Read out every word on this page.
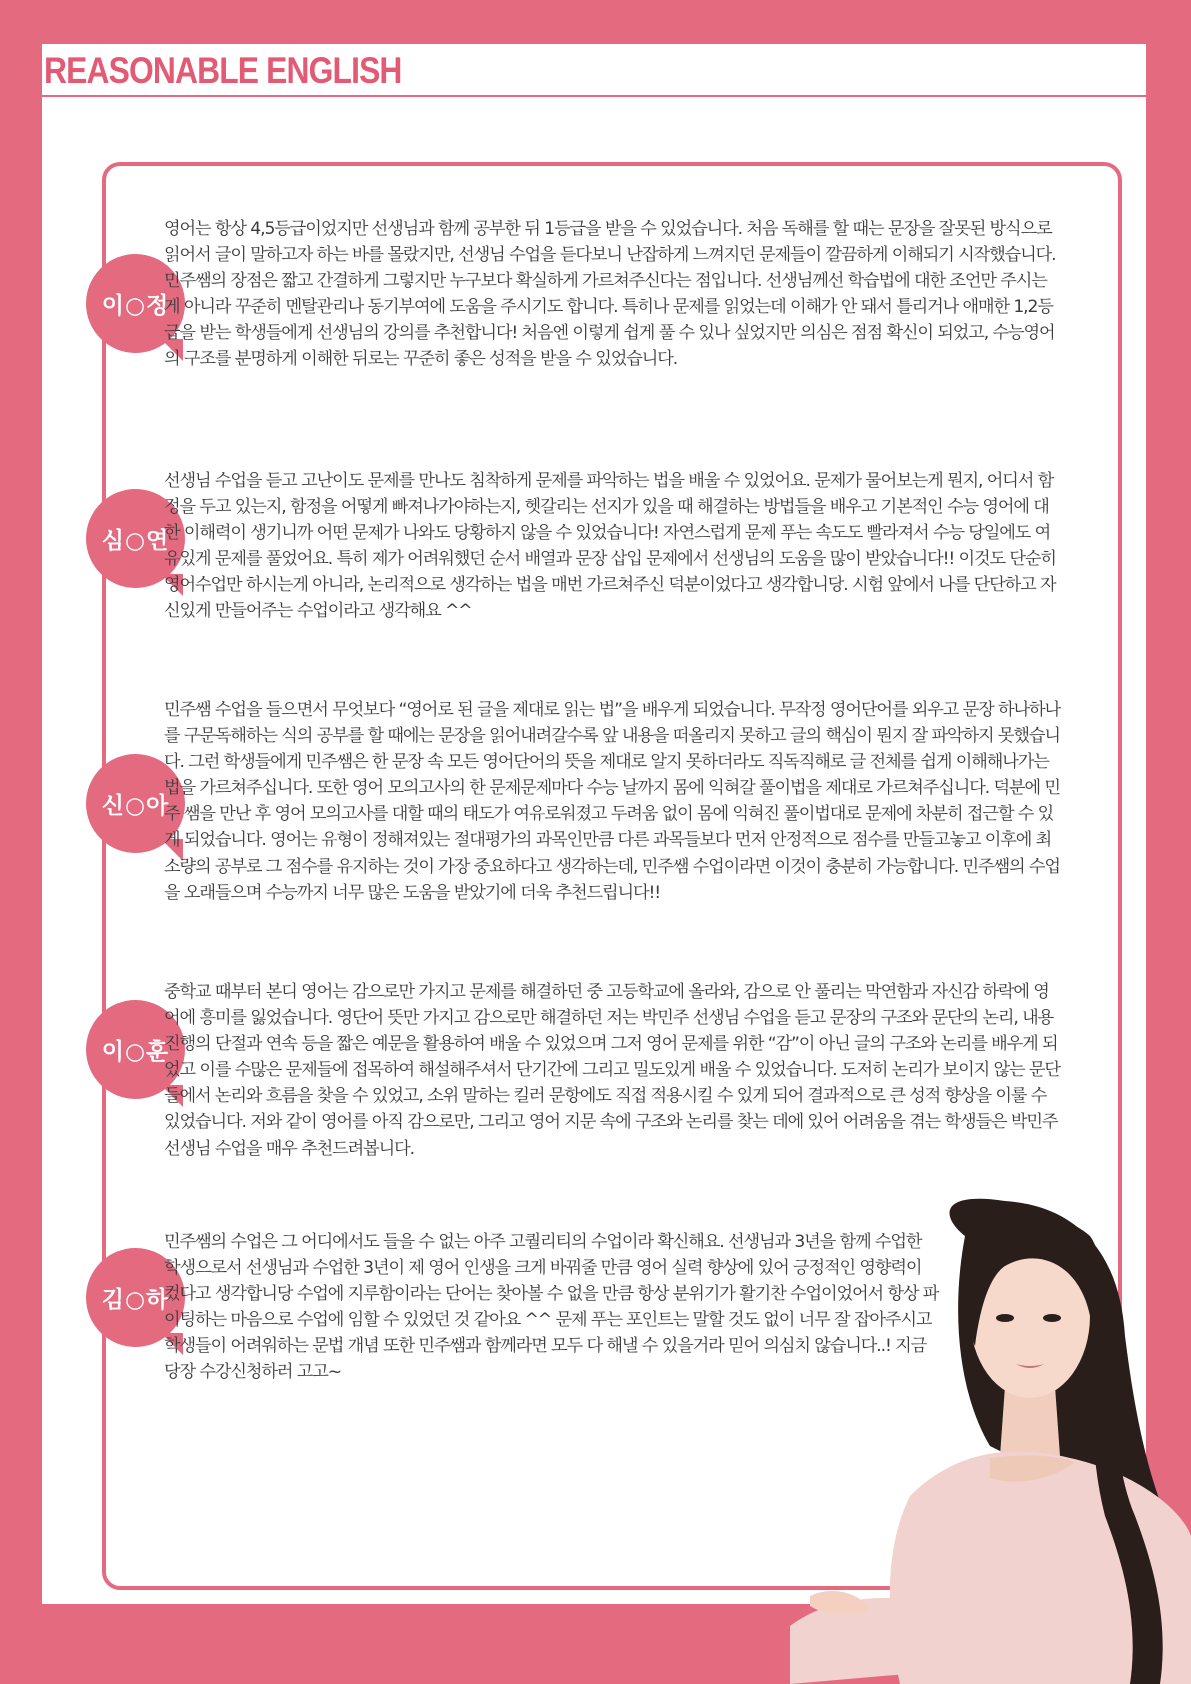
REASONABLE ENGLISH
이○정

영어는 항상 4,5등급이었지만 선생님과 함께 공부한 뒤 1등급을 받을 수 있었습니다. 처음 독해를 할 때는 문장을 잘못된 방식으로 읽어서 글이 말하고자 하는 바를 몰랐지만, 선생님 수업을 듣다보니 난잡하게 느껴지던 문제들이 깔끔하게 이해되기 시작했습니다.
민주쌤의 장점은 짧고 간결하게 그렇지만 누구보다 확실하게 가르쳐주신다는 점입니다. 선생님께선 학습법에 대한 조언만 주시는게 아니라 꾸준히 멘탈관리나 동기부여에 도움을 주시기도 합니다. 특히나 문제를 읽었는데 이해가 안 돼서 틀리거나 애매한 1,2등급을 받는 학생들에게 선생님의 강의를 추천합니다! 처음엔 이렇게 쉽게 풀 수 있나 싶었지만 의심은 점점 확신이 되었고, 수능영어의 구조를 분명하게 이해한 뒤로는 꾸준히 좋은 성적을 받을 수 있었습니다.

심○연

선생님 수업을 듣고 고난이도 문제를 만나도 침착하게 문제를 파악하는 법을 배울 수 있었어요. 문제가 물어보는게 뭔지, 어디서 함정을 두고 있는지, 함정을 어떻게 빠져나가야하는지, 헷갈리는 선지가 있을 때 해결하는 방법들을 배우고 기본적인 수능 영어에 대한 이해력이 생기니까 어떤 문제가 나와도 당황하지 않을 수 있었습니다! 자연스럽게 문제 푸는 속도도 빨라져서 수능 당일에도 여유있게 문제를 풀었어요. 특히 제가 어려워했던 순서 배열과 문장 삽입 문제에서 선생님의 도움을 많이 받았습니다!! 이것도 단순히 영어수업만 하시는게 아니라, 논리적으로 생각하는 법을 매번 가르쳐주신 덕분이었다고 생각합니당. 시험 앞에서 나를 단단하고 자신있게 만들어주는 수업이라고 생각해요 ^^

신○아

민주쌤 수업을 들으면서 무엇보다 “영어로 된 글을 제대로 읽는 법”을 배우게 되었습니다. 무작정 영어단어를 외우고 문장 하나하나를 구문독해하는 식의 공부를 할 때에는 문장을 읽어내려갈수록 앞 내용을 떠올리지 못하고 글의 핵심이 뭔지 잘 파악하지 못했습니다. 그런 학생들에게 민주쌤은 한 문장 속 모든 영어단어의 뜻을 제대로 알지 못하더라도 직독직해로 글 전체를 쉽게 이해해나가는 법을 가르쳐주십니다. 또한 영어 모의고사의 한 문제문제마다 수능 날까지 몸에 익혀갈 풀이법을 제대로 가르쳐주십니다. 덕분에 민주 쌤을 만난 후 영어 모의고사를 대할 때의 태도가 여유로워졌고 두려움 없이 몸에 익혀진 풀이법대로 문제에 차분히 접근할 수 있게 되었습니다. 영어는 유형이 정해져있는 절대평가의 과목인만큼 다른 과목들보다 먼저 안정적으로 점수를 만들고놓고 이후에 최소량의 공부로 그 점수를 유지하는 것이 가장 중요하다고 생각하는데, 민주쌤 수업이라면 이것이 충분히 가능합니다. 민주쌤의 수업을 오래들으며 수능까지 너무 많은 도움을 받았기에 더욱 추천드립니다!!

이○훈

중학교 때부터 본디 영어는 감으로만 가지고 문제를 해결하던 중 고등학교에 올라와, 감으로 안 풀리는 막연함과 자신감 하락에 영어에 흥미를 잃었습니다. 영단어 뜻만 가지고 감으로만 해결하던 저는 박민주 선생님 수업을 듣고 문장의 구조와 문단의 논리, 내용 진행의 단절과 연속 등을 짧은 예문을 활용하여 배울 수 있었으며 그저 영어 문제를 위한 “감”이 아닌 글의 구조와 논리를 배우게 되었고 이를 수많은 문제들에 접목하여 해설해주셔서 단기간에 그리고 밀도있게 배울 수 있었습니다. 도저히 논리가 보이지 않는 문단들에서 논리와 흐름을 찾을 수 있었고, 소위 말하는 킬러 문항에도 직접 적용시킬 수 있게 되어 결과적으로 큰 성적 향상을 이룰 수 있었습니다. 저와 같이 영어를 아직 감으로만, 그리고 영어 지문 속에 구조와 논리를 찾는 데에 있어 어려움을 겪는 학생들은 박민주 선생님 수업을 매우 추천드려봅니다.

김○하

민주쌤의 수업은 그 어디에서도 들을 수 없는 아주 고퀄리티의 수업이라 확신해요. 선생님과 3년을 함께 수업한 학생으로서 선생님과 수업한 3년이 제 영어 인생을 크게 바꿔줄 만큼 영어 실력 향상에 있어 긍정적인 영향력이 컸다고 생각합니당 수업에 지루함이라는 단어는 찾아볼 수 없을 만큼 항상 분위기가 활기찬 수업이었어서 항상 파이팅하는 마음으로 수업에 임할 수 있었던 것 같아요 ^^ 문제 푸는 포인트는 말할 것도 없이 너무 잘 잡아주시고 학생들이 어려워하는 문법 개념 또한 민주쌤과 함께라면 모두 다 해낼 수 있을거라 믿어 의심치 않습니다..! 지금 당장 수강신청하러 고고~
